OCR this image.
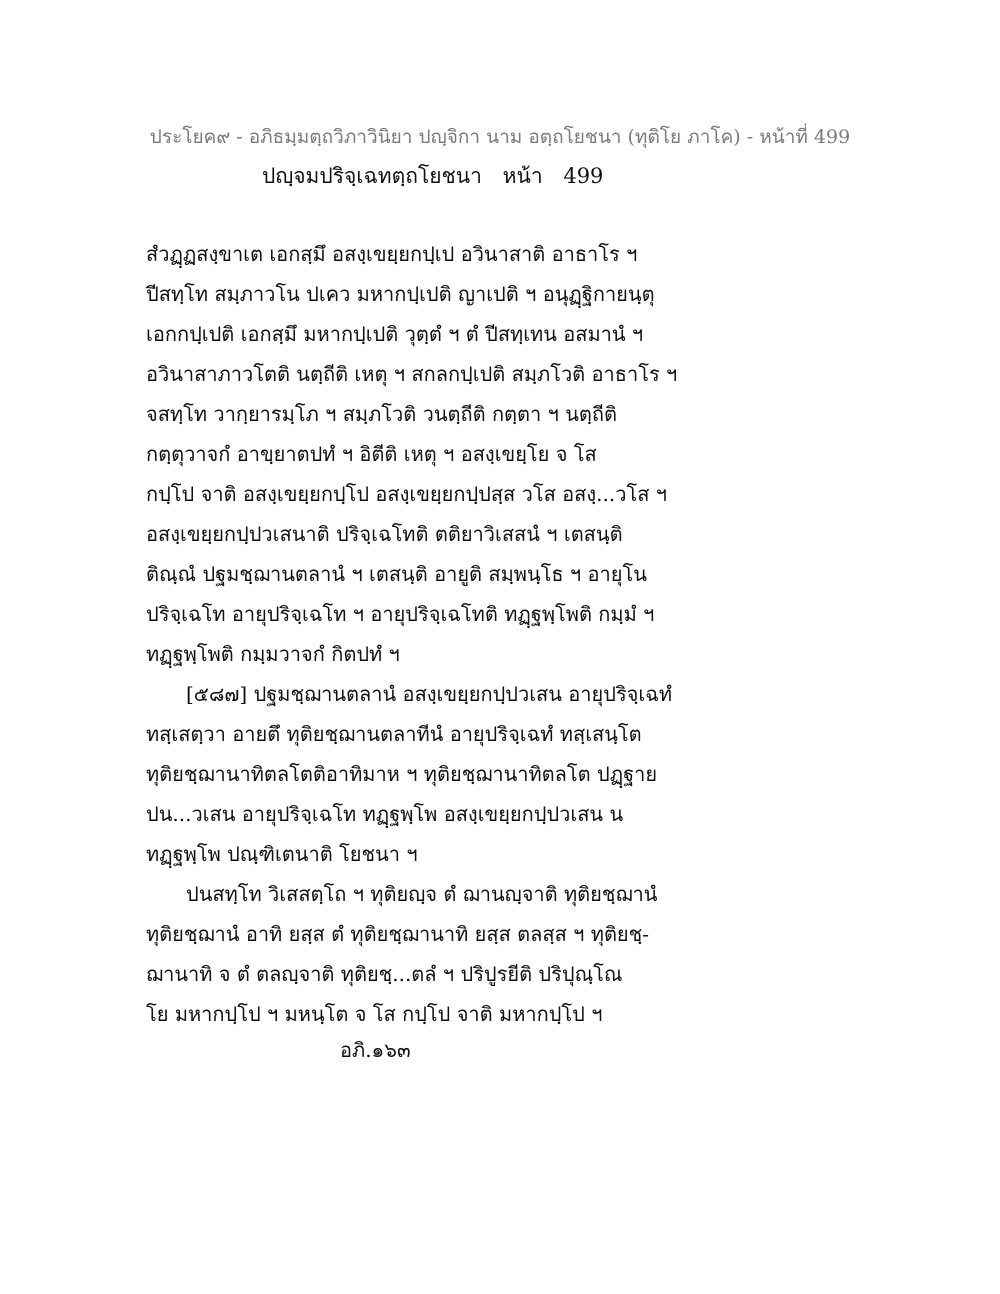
ประโยค๙ - อภิธมฺมตฺถวิภาวินิยา ปญฺจิกา นาม อตฺถโยชนา (ทุติโย ภาโค) - หน้าที่ 499
ปญฺจมปริจฺเฉทตฺถโยชนา หน้า 499
สํวฏฺฏสงฺขาเต เอกสฺมึ อสงฺเขยฺยกปฺเป อวินาสาติ อาธาโร ฯ
ปีสทฺโท สมฺภาวโน ปเคว มหากปฺเปติ ญาเปติ ฯ อนุฏฺฐิกายนฺตุ
เอกกปฺเปติ เอกสฺมึ มหากปฺเปติ วุตฺตํ ฯ ตํ ปีสทฺเทน อสมานํ ฯ
อวินาสาภาวโตติ นตฺถีติ เหตุ ฯ สกลกปฺเปติ สมฺภโวติ อาธาโร ฯ
จสทฺโท วากฺยารมฺโภ ฯ สมฺภโวติ วนตฺถีติ กตฺตา ฯ นตฺถีติ
กตฺตุวาจกํ อาขฺยาตปทํ ฯ อิตีติ เหตุ ฯ อสงฺเขยฺโย จ โส
กปฺโป จาติ อสงฺเขยฺยกปฺโป อสงฺเขยฺยกปฺปสฺส วโส อสงฺ...วโส ฯ
อสงฺเขยฺยกปฺปวเสนาติ ปริจฺเฉโทติ ตติยาวิเสสนํ ฯ เตสนฺติ
ติณฺณํ ปฐมชฺฌานตลานํ ฯ เตสนฺติ อายูติ สมฺพนฺโธ ฯ อายุโน
ปริจฺเฉโท อายุปริจฺเฉโท ฯ อายุปริจฺเฉโทติ ทฏฺฐพฺโพติ กมฺมํ ฯ
ทฏฺฐพฺโพติ กมฺมวาจกํ กิตปทํ ฯ
[๕๘๗] ปฐมชฺฌานตลานํ อสงฺเขยฺยกปฺปวเสน อายุปริจฺเฉทํ
ทสฺเสตฺวา อายตึ ทุติยชฺฌานตลาทีนํ อายุปริจฺเฉทํ ทสฺเสนฺโต
ทุติยชฺฌานาทิตลโตติอาทิมาห ฯ ทุติยชฺฌานาทิตลโต ปฏฺฐาย
ปน...วเสน อายุปริจฺเฉโท ทฏฺฐพฺโพ อสงฺเขยฺยกปฺปวเสน น
ทฏฺฐพฺโพ ปณฺฑิเตนาติ โยชนา ฯ
ปนสทฺโท วิเสสตฺโถ ฯ ทุติยญฺจ ตํ ฌานญฺจาติ ทุติยชฺฌานํ
ทุติยชฺฌานํ อาทิ ยสฺส ตํ ทุติยชฺฌานาทิ ยสฺส ตลสฺส ฯ ทุติยชฺ-
ฌานาทิ จ ตํ ตลญฺจาติ ทุติยชฺ...ตลํ ฯ ปริปูรยีติ ปริปุณฺโณ
โย มหากปฺโป ฯ มหนฺโต จ โส กปฺโป จาติ มหากปฺโป ฯ
อภิ.๑๖๓
